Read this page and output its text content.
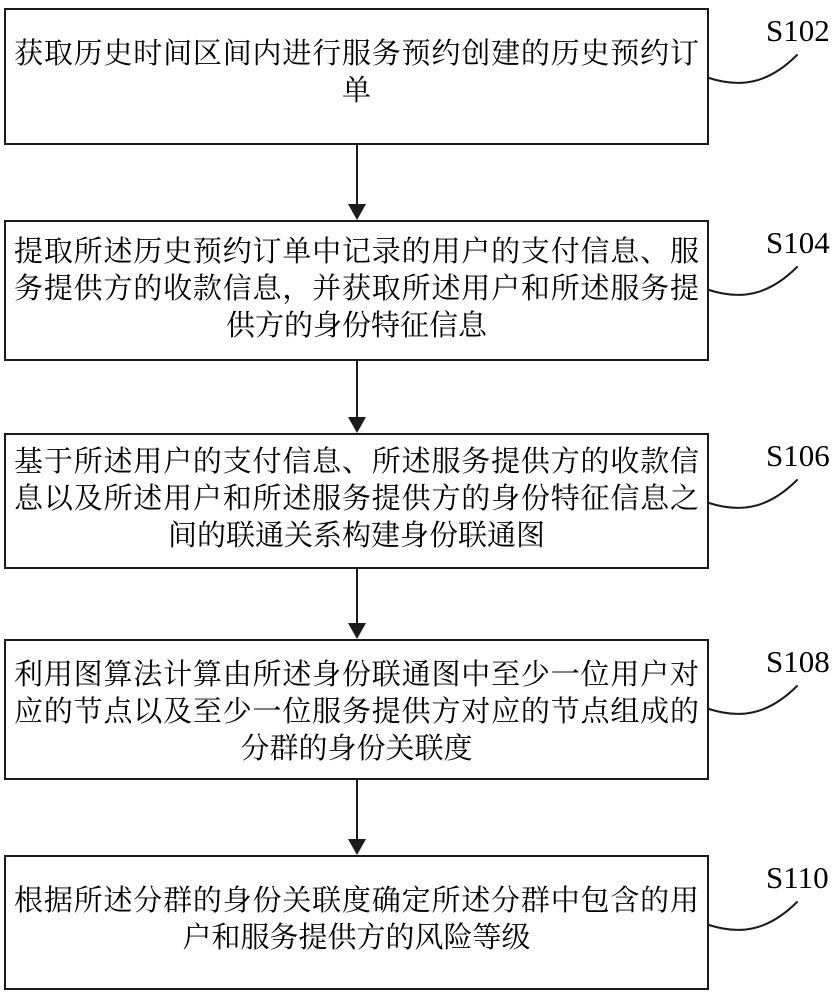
获取历史时间区间内进行服务预约创建的历史预约订单
S102
提取所述历史预约订单中记录的用户的支付信息、服务提供方的收款信息，并获取所述用户和所述服务提供方的身份特征信息
S104
基于所述用户的支付信息、所述服务提供方的收款信息以及所述用户和所述服务提供方的身份特征信息之间的联通关系构建身份联通图
S106
利用图算法计算由所述身份联通图中至少一位用户对应的节点以及至少一位服务提供方对应的节点组成的分群的身份关联度
S108
根据所述分群的身份关联度确定所述分群中包含的用户和服务提供方的风险等级
S110
